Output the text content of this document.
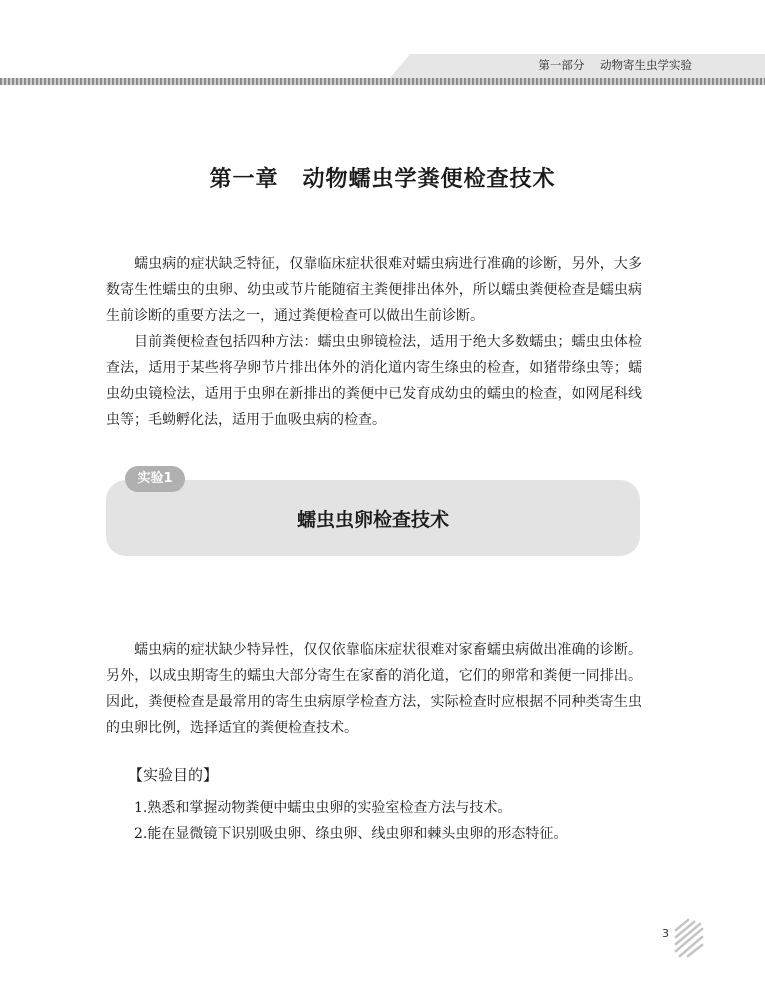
第一部分 动物寄生虫学实验
第一章 动物蠕虫学粪便检查技术

蠕虫病的症状缺乏特征，仅靠临床症状很难对蠕虫病进行准确的诊断，另外，大多数寄生性蠕虫的虫卵、幼虫或节片能随宿主粪便排出体外，所以蠕虫粪便检查是蠕虫病生前诊断的重要方法之一，通过粪便检查可以做出生前诊断。

目前粪便检查包括四种方法：蠕虫虫卵镜检法，适用于绝大多数蠕虫；蠕虫虫体检查法，适用于某些将孕卵节片排出体外的消化道内寄生绦虫的检查，如猪带绦虫等；蠕虫幼虫镜检法，适用于虫卵在新排出的粪便中已发育成幼虫的蠕虫的检查，如网尾科线虫等；毛蚴孵化法，适用于血吸虫病的检查。

实验1
蠕虫虫卵检查技术

蠕虫病的症状缺少特异性，仅仅依靠临床症状很难对家畜蠕虫病做出准确的诊断。另外，以成虫期寄生的蠕虫大部分寄生在家畜的消化道，它们的卵常和粪便一同排出。因此，粪便检查是最常用的寄生虫病原学检查方法，实际检查时应根据不同种类寄生虫的虫卵比例，选择适宜的粪便检查技术。

【实验目的】
1.熟悉和掌握动物粪便中蠕虫虫卵的实验室检查方法与技术。
2.能在显微镜下识别吸虫卵、绦虫卵、线虫卵和棘头虫卵的形态特征。
3
